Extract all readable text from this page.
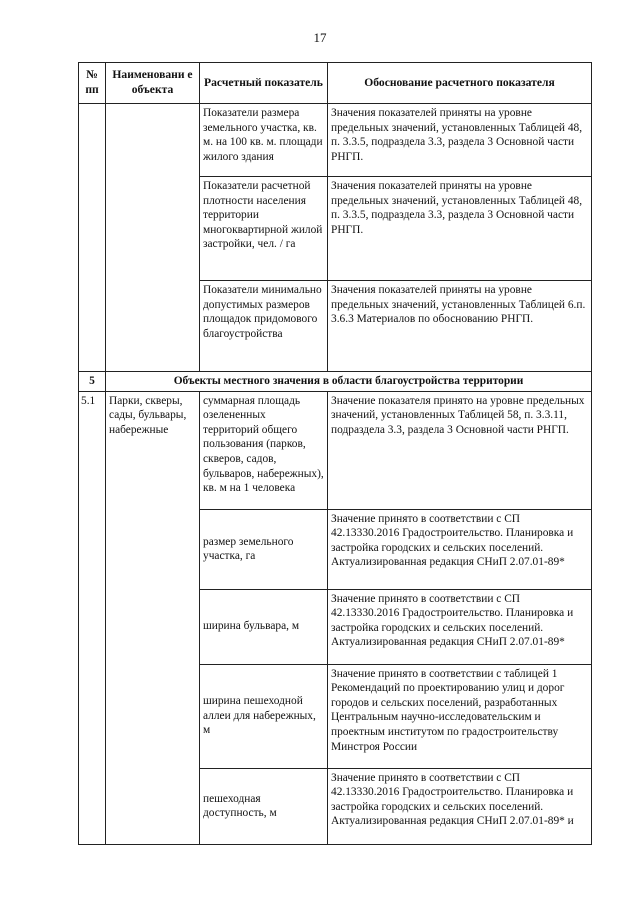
17
№ пп	Наименовани е объекта	Расчетный показатель	Обоснование расчетного показателя
		Показатели размера земельного участка, кв. м. на 100 кв. м. площади жилого здания	Значения показателей приняты на уровне предельных значений, установленных Таблицей 48, п. 3.3.5, подраздела 3.3, раздела 3 Основной части РНГП.
		Показатели расчетной плотности населения территории многоквартирной жилой застройки, чел. / га	Значения показателей приняты на уровне предельных значений, установленных Таблицей 48, п. 3.3.5, подраздела 3.3, раздела 3 Основной части РНГП.
		Показатели минимально допустимых размеров площадок придомового благоустройства	Значения показателей приняты на уровне предельных значений, установленных Таблицей 6.п. 3.6.3 Материалов по обоснованию РНГП.
5	Объекты местного значения в области благоустройства территории		
5.1	Парки, скверы, сады, бульвары, набережные	суммарная площадь озелененных территорий общего пользования (парков, скверов, садов, бульваров, набережных), кв. м на 1 человека	Значение показателя принято на уровне предельных значений, установленных Таблицей 58, п. 3.3.11, подраздела 3.3, раздела 3 Основной части РНГП.
		размер земельного участка, га	Значение принято в соответствии с СП 42.13330.2016 Градостроительство. Планировка и застройка городских и сельских поселений. Актуализированная редакция СНиП 2.07.01-89*
		ширина бульвара, м	Значение принято в соответствии с СП 42.13330.2016 Градостроительство. Планировка и застройка городских и сельских поселений. Актуализированная редакция СНиП 2.07.01-89*
		ширина пешеходной аллеи для набережных, м	Значение принято в соответствии с таблицей 1 Рекомендаций по проектированию улиц и дорог городов и сельских поселений, разработанных Центральным научно-исследовательским и проектным институтом по градостроительству Минстроя России
		пешеходная доступность, м	Значение принято в соответствии с СП 42.13330.2016 Градостроительство. Планировка и застройка городских и сельских поселений. Актуализированная редакция СНиП 2.07.01-89* и
